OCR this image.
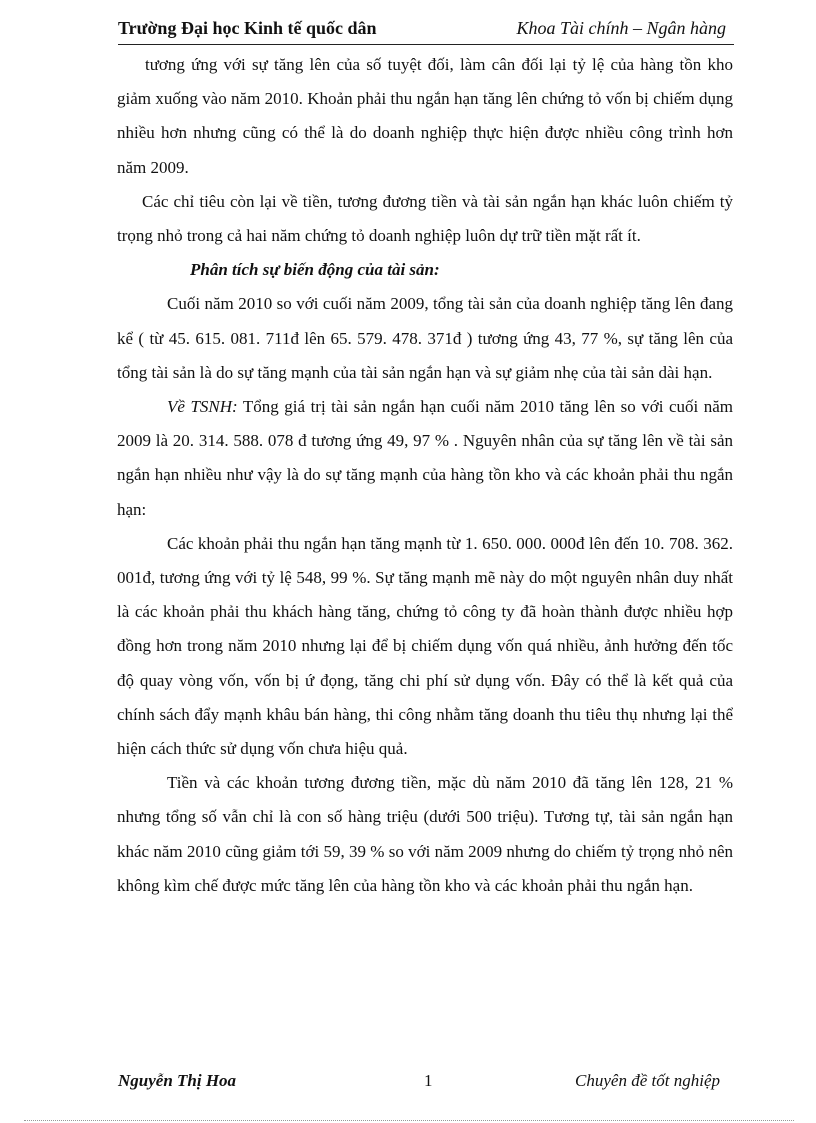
Trường Đại học Kinh tế quốc dân	Khoa Tài chính – Ngân hàng

tương ứng với sự tăng lên của số tuyệt đối, làm cân đối lại tỷ lệ của hàng tồn kho giảm xuống vào năm 2010. Khoản phải thu ngắn hạn tăng lên chứng tỏ vốn bị chiếm dụng nhiều hơn nhưng cũng có thể là do doanh nghiệp thực hiện được nhiều công trình hơn năm 2009.

Các chỉ tiêu còn lại về tiền, tương đương tiền và tài sản ngắn hạn khác luôn chiếm tỷ trọng nhỏ trong cả hai năm chứng tỏ doanh nghiệp luôn dự trữ tiền mặt rất ít.

Phân tích sự biến động của tài sản:

Cuối năm 2010 so với cuối năm 2009, tổng tài sản của doanh nghiệp tăng lên đang kể ( từ 45. 615. 081. 711đ lên 65. 579. 478. 371đ ) tương ứng 43, 77 %, sự tăng lên của tổng tài sản là do sự tăng mạnh của tài sản ngắn hạn và sự giảm nhẹ của tài sản dài hạn.

Về TSNH: Tổng giá trị tài sản ngắn hạn cuối năm 2010 tăng lên so với cuối năm 2009 là 20. 314. 588. 078 đ tương ứng 49, 97 % . Nguyên nhân của sự tăng lên về tài sản ngắn hạn nhiều như vậy là do sự tăng mạnh của hàng tồn kho và các khoản phải thu ngắn hạn:

Các khoản phải thu ngắn hạn tăng mạnh từ 1. 650. 000. 000đ lên đến 10. 708. 362. 001đ, tương ứng với tỷ lệ 548, 99 %. Sự tăng mạnh mẽ này do một nguyên nhân duy nhất là các khoản phải thu khách hàng tăng, chứng tỏ công ty đã hoàn thành được nhiều hợp đồng hơn trong năm 2010 nhưng lại để bị chiếm dụng vốn quá nhiều, ảnh hưởng đến tốc độ quay vòng vốn, vốn bị ứ đọng, tăng chi phí sử dụng vốn. Đây có thể là kết quả của chính sách đẩy mạnh khâu bán hàng, thi công nhằm tăng doanh thu tiêu thụ nhưng lại thể hiện cách thức sử dụng vốn chưa hiệu quả.

Tiền và các khoản tương đương tiền, mặc dù năm 2010 đã tăng lên 128, 21 % nhưng tổng số vẫn chỉ là con số hàng triệu (dưới 500 triệu). Tương tự, tài sản ngắn hạn khác năm 2010 cũng giảm tới 59, 39 % so với năm 2009 nhưng do chiếm tỷ trọng nhỏ nên không kìm chế được mức tăng lên của hàng tồn kho và các khoản phải thu ngắn hạn.

Nguyễn Thị Hoa	1	Chuyên đề tốt nghiệp
